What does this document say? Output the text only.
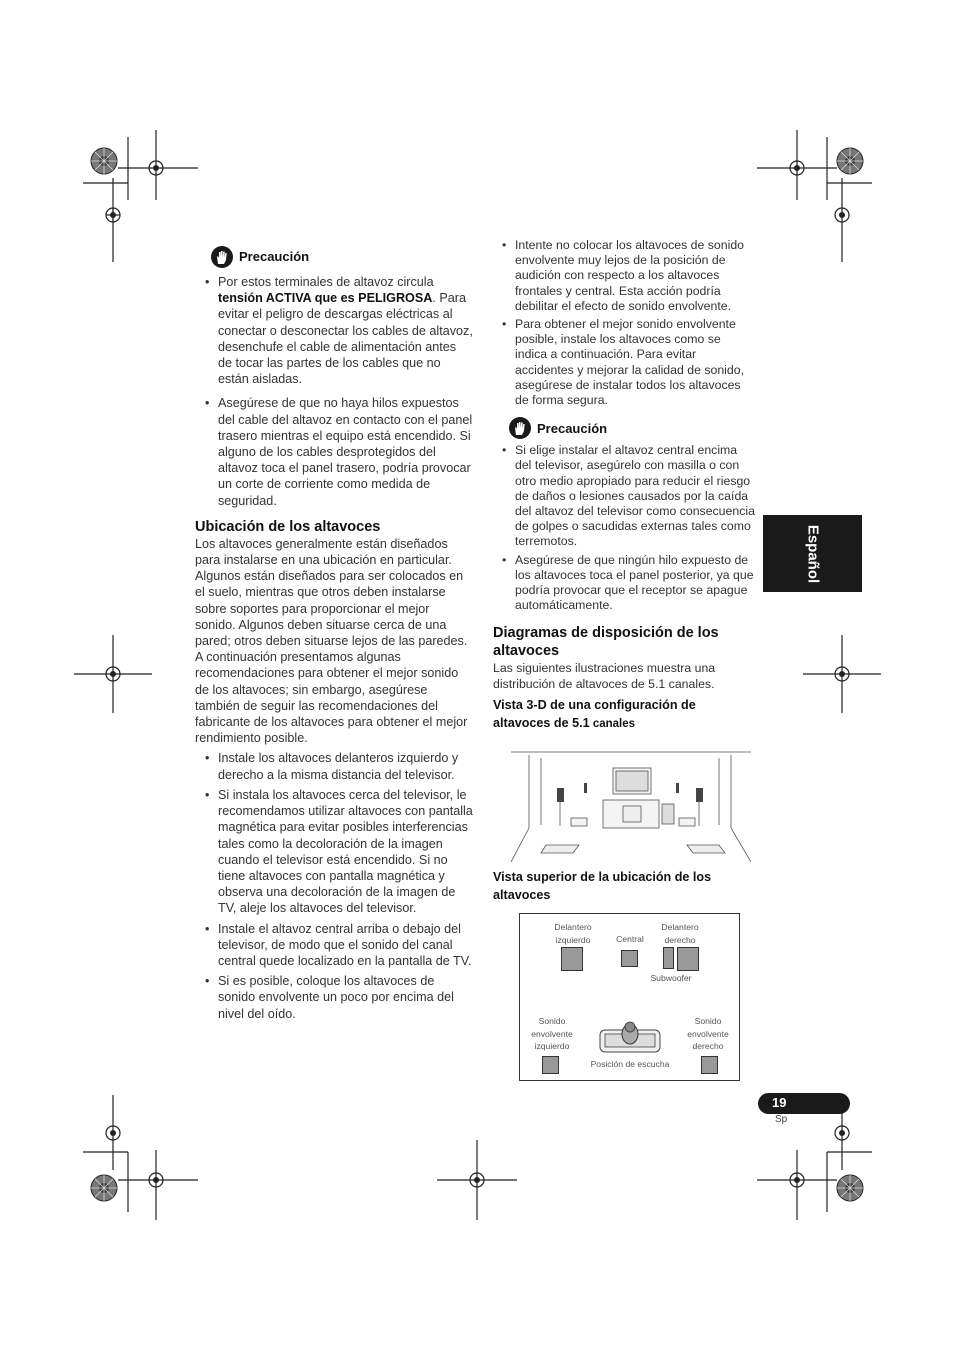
Precaución
• Por estos terminales de altavoz circula tensión ACTIVA que es PELIGROSA. Para evitar el peligro de descargas eléctricas al conectar o desconectar los cables de altavoz, desenchufe el cable de alimentación antes de tocar las partes de los cables que no están aisladas.
• Asegúrese de que no haya hilos expuestos del cable del altavoz en contacto con el panel trasero mientras el equipo está encendido. Si alguno de los cables desprotegidos del altavoz toca el panel trasero, podría provocar un corte de corriente como medida de seguridad.
Ubicación de los altavoces

Los altavoces generalmente están diseñados para instalarse en una ubicación en particular. Algunos están diseñados para ser colocados en el suelo, mientras que otros deben instalarse sobre soportes para proporcionar el mejor sonido. Algunos deben situarse cerca de una pared; otros deben situarse lejos de las paredes. A continuación presentamos algunas recomendaciones para obtener el mejor sonido de los altavoces; sin embargo, asegúrese también de seguir las recomendaciones del fabricante de los altavoces para obtener el mejor rendimiento posible.

• Instale los altavoces delanteros izquierdo y derecho a la misma distancia del televisor.
• Si instala los altavoces cerca del televisor, le recomendamos utilizar altavoces con pantalla magnética para evitar posibles interferencias tales como la decoloración de la imagen cuando el televisor está encendido. Si no tiene altavoces con pantalla magnética y observa una decoloración de la imagen de TV, aleje los altavoces del televisor.
• Instale el altavoz central arriba o debajo del televisor, de modo que el sonido del canal central quede localizado en la pantalla de TV.
• Si es posible, coloque los altavoces de sonido envolvente un poco por encima del nivel del oído.
• Intente no colocar los altavoces de sonido envolvente muy lejos de la posición de audición con respecto a los altavoces frontales y central. Esta acción podría debilitar el efecto de sonido envolvente.
• Para obtener el mejor sonido envolvente posible, instale los altavoces como se indica a continuación. Para evitar accidentes y mejorar la calidad de sonido, asegúrese de instalar todos los altavoces de forma segura.
Precaución
• Si elige instalar el altavoz central encima del televisor, asegúrelo con masilla o con otro medio apropiado para reducir el riesgo de daños o lesiones causados por la caída del altavoz del televisor como consecuencia de golpes o sacudidas externas tales como terremotos.
• Asegúrese de que ningún hilo expuesto de los altavoces toca el panel posterior, ya que podría provocar que el receptor se apague automáticamente.
Diagramas de disposición de los altavoces

Las siguientes ilustraciones muestra una distribución de altavoces de 5.1 canales.

Vista 3-D de una configuración de altavoces de 5.1 canales
Vista superior de la ubicación de los altavoces
Delantero
izquierdo	Central
Delantero
derecho
Subwoofer
Sonido
envolvente
izquierdo
Sonido
envolvente
derecho
Posición de escucha
Español
19
Sp
